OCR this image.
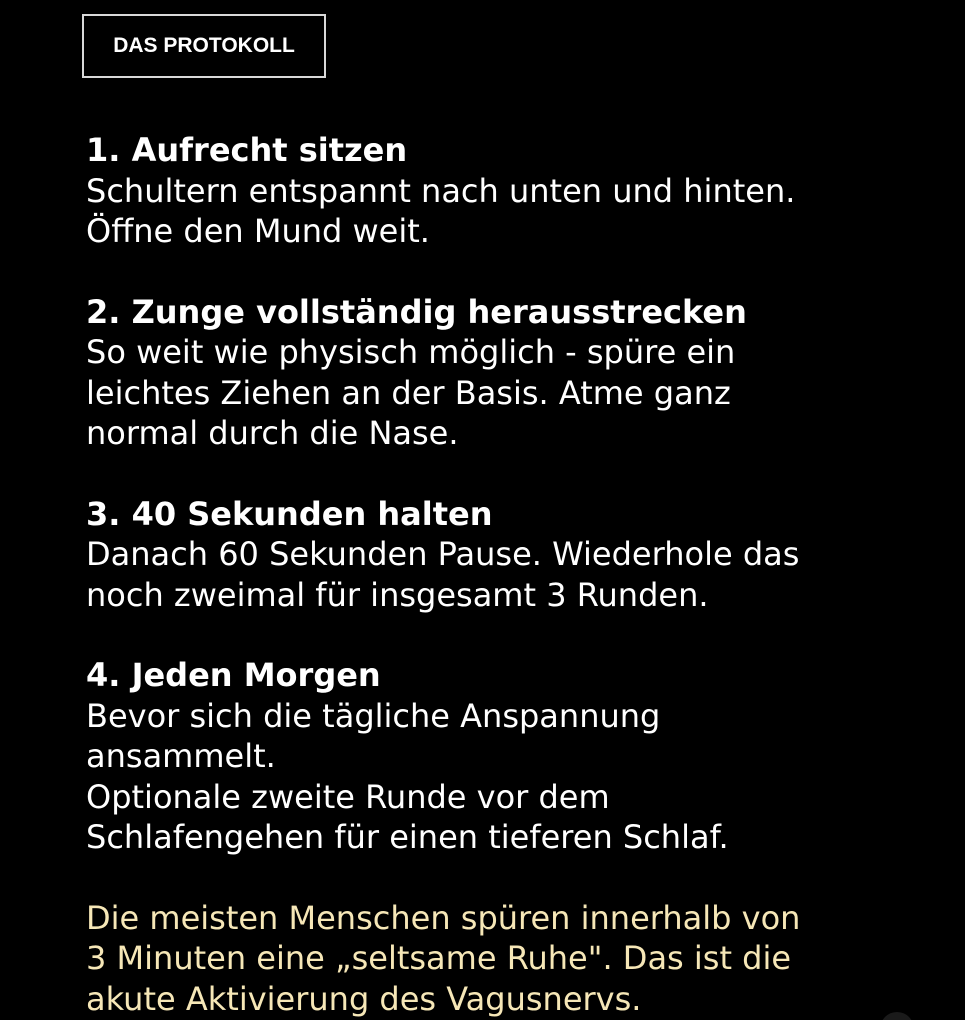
DAS PROTOKOLL
1. Aufrecht sitzen
Schultern entspannt nach unten und hinten.
Öffne den Mund weit.
2. Zunge vollständig herausstrecken
So weit wie physisch möglich - spüre ein
leichtes Ziehen an der Basis. Atme ganz
normal durch die Nase.
3. 40 Sekunden halten
Danach 60 Sekunden Pause. Wiederhole das
noch zweimal für insgesamt 3 Runden.
4. Jeden Morgen
Bevor sich die tägliche Anspannung
ansammelt.
Optionale zweite Runde vor dem
Schlafengehen für einen tieferen Schlaf.
Die meisten Menschen spüren innerhalb von
3 Minuten eine „seltsame Ruhe". Das ist die
akute Aktivierung des Vagusnervs.
